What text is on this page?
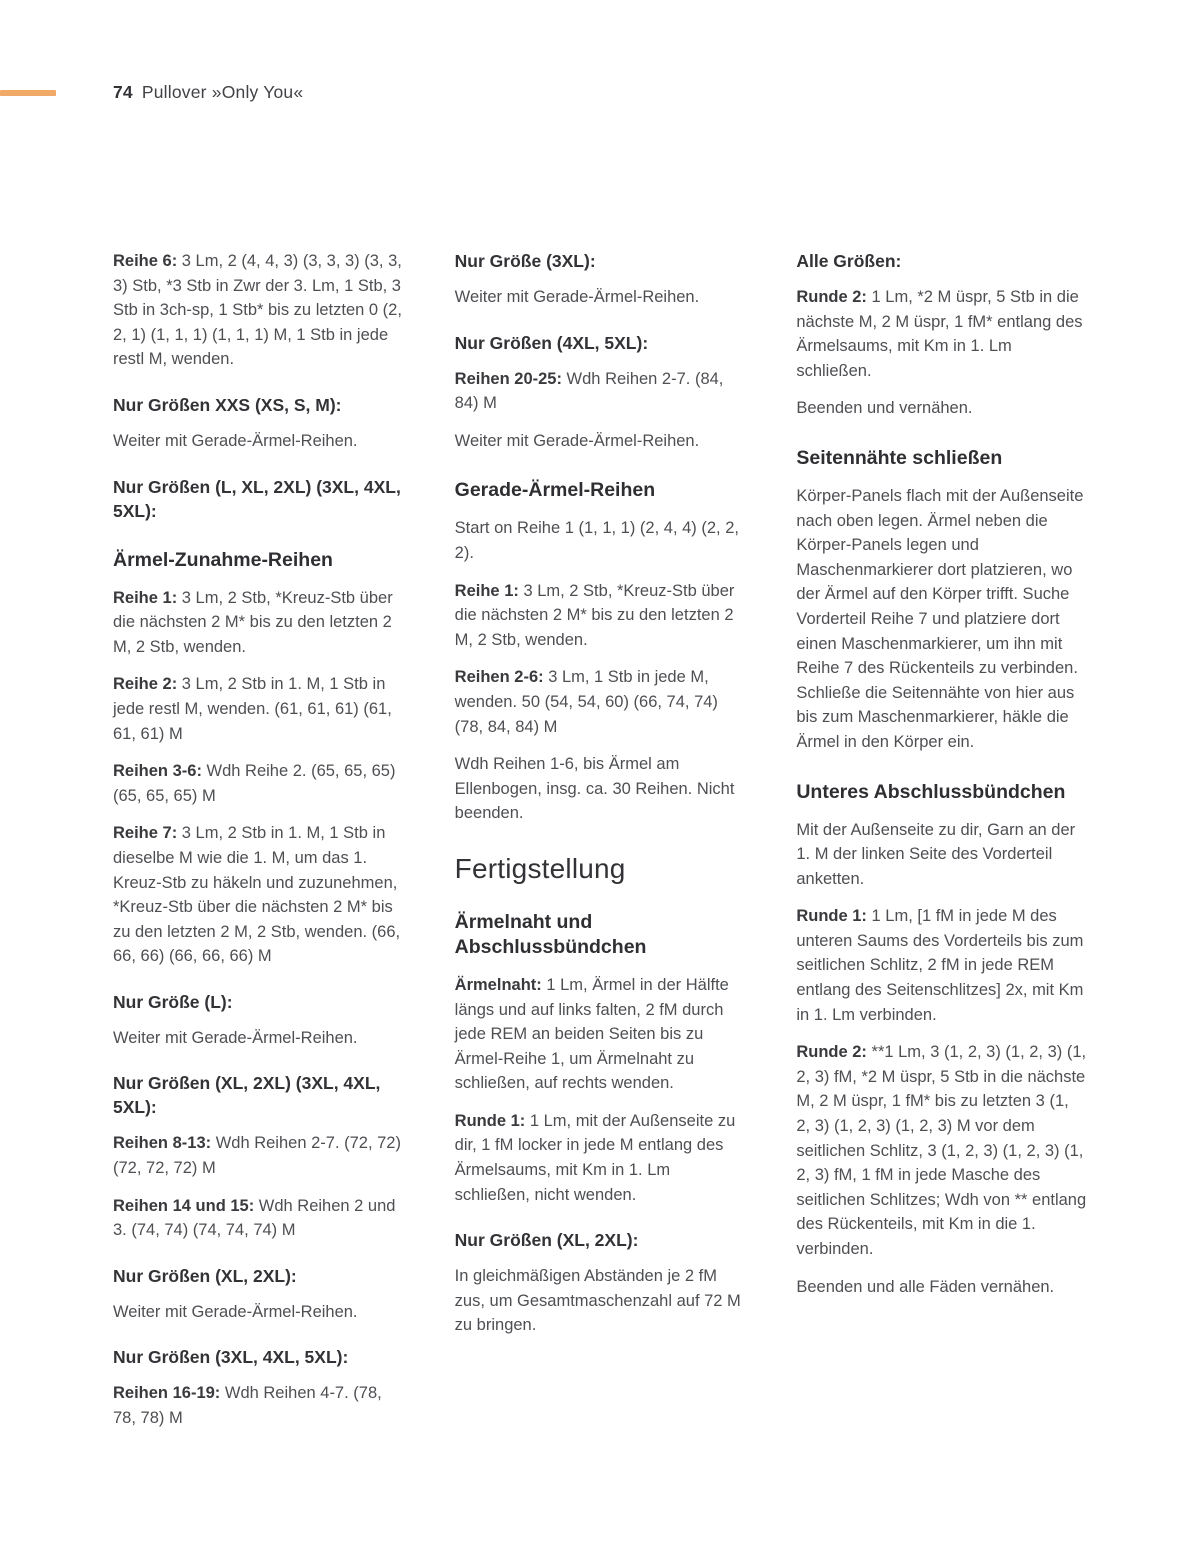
74 Pullover »Only You«

Reihe 6: 3 Lm, 2 (4, 4, 3) (3, 3, 3) (3, 3, 3) Stb, *3 Stb in Zwr der 3. Lm, 1 Stb, 3 Stb in 3ch-sp, 1 Stb* bis zu letzten 0 (2, 2, 1) (1, 1, 1) (1, 1, 1) M, 1 Stb in jede restl M, wenden.

Nur Größen XXS (XS, S, M):

Weiter mit Gerade-Ärmel-Reihen.

Nur Größen (L, XL, 2XL) (3XL, 4XL, 5XL):
Ärmel-Zunahme-Reihen

Reihe 1: 3 Lm, 2 Stb, *Kreuz-Stb über die nächsten 2 M* bis zu den letzten 2 M, 2 Stb, wenden.

Reihe 2: 3 Lm, 2 Stb in 1. M, 1 Stb in jede restl M, wenden. (61, 61, 61) (61, 61, 61) M

Reihen 3-6: Wdh Reihe 2. (65, 65, 65) (65, 65, 65) M

Reihe 7: 3 Lm, 2 Stb in 1. M, 1 Stb in dieselbe M wie die 1. M, um das 1. Kreuz-Stb zu häkeln und zuzunehmen, *Kreuz-Stb über die nächsten 2 M* bis zu den letzten 2 M, 2 Stb, wenden. (66, 66, 66) (66, 66, 66) M

Nur Größe (L):

Weiter mit Gerade-Ärmel-Reihen.

Nur Größen (XL, 2XL) (3XL, 4XL, 5XL):

Reihen 8-13: Wdh Reihen 2-7. (72, 72) (72, 72, 72) M

Reihen 14 und 15: Wdh Reihen 2 und 3. (74, 74) (74, 74, 74) M

Nur Größen (XL, 2XL):

Weiter mit Gerade-Ärmel-Reihen.

Nur Größen (3XL, 4XL, 5XL):

Reihen 16-19: Wdh Reihen 4-7. (78, 78, 78) M

Nur Größe (3XL):

Weiter mit Gerade-Ärmel-Reihen.

Nur Größen (4XL, 5XL):

Reihen 20-25: Wdh Reihen 2-7. (84, 84) M

Weiter mit Gerade-Ärmel-Reihen.

Gerade-Ärmel-Reihen

Start on Reihe 1 (1, 1, 1) (2, 4, 4) (2, 2, 2).

Reihe 1: 3 Lm, 2 Stb, *Kreuz-Stb über die nächsten 2 M* bis zu den letzten 2 M, 2 Stb, wenden.

Reihen 2-6: 3 Lm, 1 Stb in jede M, wenden. 50 (54, 54, 60) (66, 74, 74) (78, 84, 84) M

Wdh Reihen 1-6, bis Ärmel am Ellenbogen, insg. ca. 30 Reihen. Nicht beenden.

Fertigstellung
Ärmelnaht und Abschlussbündchen

Ärmelnaht: 1 Lm, Ärmel in der Hälfte längs und auf links falten, 2 fM durch jede REM an beiden Seiten bis zu Ärmel-Reihe 1, um Ärmelnaht zu schließen, auf rechts wenden.

Runde 1: 1 Lm, mit der Außenseite zu dir, 1 fM locker in jede M entlang des Ärmelsaums, mit Km in 1. Lm schließen, nicht wenden.

Nur Größen (XL, 2XL):

In gleichmäßigen Abständen je 2 fM zus, um Gesamtmaschenzahl auf 72 M zu bringen.

Alle Größen:

Runde 2: 1 Lm, *2 M üspr, 5 Stb in die nächste M, 2 M üspr, 1 fM* entlang des Ärmelsaums, mit Km in 1. Lm schließen.

Beenden und vernähen.

Seitennähte schließen

Körper-Panels flach mit der Außenseite nach oben legen. Ärmel neben die Körper-Panels legen und Maschenmarkierer dort platzieren, wo der Ärmel auf den Körper trifft. Suche Vorderteil Reihe 7 und platziere dort einen Maschenmarkierer, um ihn mit Reihe 7 des Rückenteils zu verbinden. Schließe die Seitennähte von hier aus bis zum Maschenmarkierer, häkle die Ärmel in den Körper ein.

Unteres Abschlussbündchen

Mit der Außenseite zu dir, Garn an der 1. M der linken Seite des Vorderteil anketten.

Runde 1: 1 Lm, [1 fM in jede M des unteren Saums des Vorderteils bis zum seitlichen Schlitz, 2 fM in jede REM entlang des Seitenschlitzes] 2x, mit Km in 1. Lm verbinden.

Runde 2: **1 Lm, 3 (1, 2, 3) (1, 2, 3) (1, 2, 3) fM, *2 M üspr, 5 Stb in die nächste M, 2 M üspr, 1 fM* bis zu letzten 3 (1, 2, 3) (1, 2, 3) (1, 2, 3) M vor dem seitlichen Schlitz, 3 (1, 2, 3) (1, 2, 3) (1, 2, 3) fM, 1 fM in jede Masche des seitlichen Schlitzes; Wdh von ** entlang des Rückenteils, mit Km in die 1. verbinden.

Beenden und alle Fäden vernähen.
